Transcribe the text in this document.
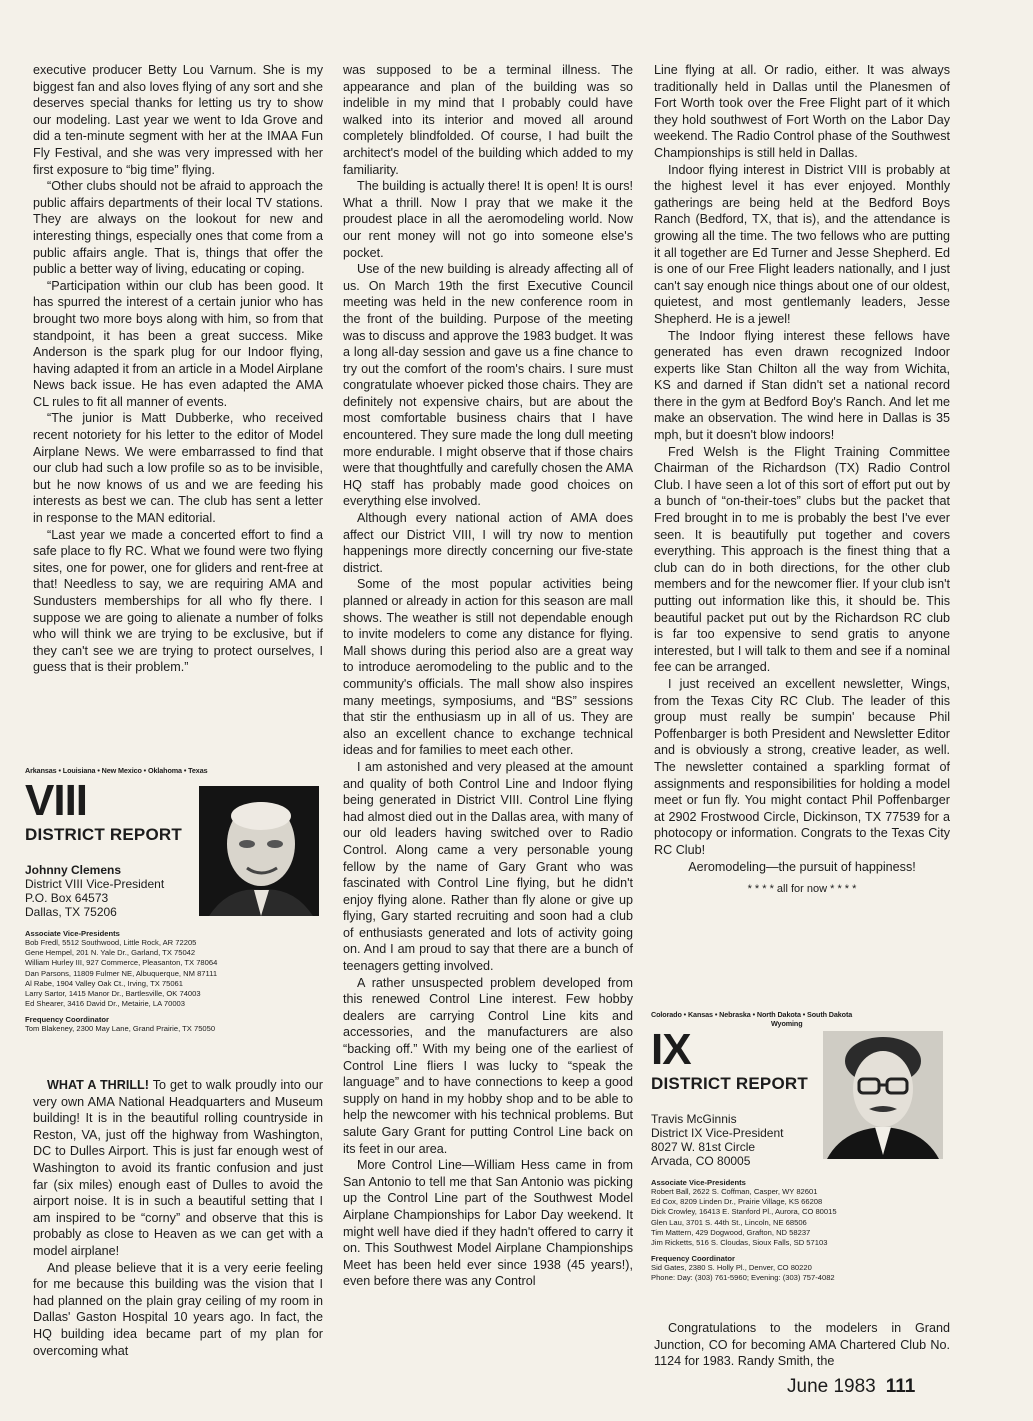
executive producer Betty Lou Varnum. She is my biggest fan and also loves flying of any sort and she deserves special thanks for letting us try to show our modeling. Last year we went to Ida Grove and did a ten-minute segment with her at the IMAA Fun Fly Festival, and she was very impressed with her first exposure to “big time” flying.

“Other clubs should not be afraid to approach the public affairs departments of their local TV stations. They are always on the lookout for new and interesting things, especially ones that come from a public affairs angle. That is, things that offer the public a better way of living, educating or coping.

“Participation within our club has been good. It has spurred the interest of a certain junior who has brought two more boys along with him, so from that standpoint, it has been a great success. Mike Anderson is the spark plug for our Indoor flying, having adapted it from an article in a Model Airplane News back issue. He has even adapted the AMA CL rules to fit all manner of events.

“The junior is Matt Dubberke, who received recent notoriety for his letter to the editor of Model Airplane News. We were embarrassed to find that our club had such a low profile so as to be invisible, but he now knows of us and we are feeding his interests as best we can. The club has sent a letter in response to the MAN editorial.

“Last year we made a concerted effort to find a safe place to fly RC. What we found were two flying sites, one for power, one for gliders and rent-free at that! Needless to say, we are requiring AMA and Sundusters memberships for all who fly there. I suppose we are going to alienate a number of folks who will think we are trying to be exclusive, but if they can't see we are trying to protect ourselves, I guess that is their problem.”

Arkansas • Louisiana • New Mexico • Oklahoma • Texas
VIII
DISTRICT REPORT
Johnny Clemens
District VIII Vice-President
P.O. Box 64573
Dallas, TX 75206
Associate Vice-Presidents
Bob Fredl, 5512 Southwood, Little Rock, AR 72205
Gene Hempel, 201 N. Yale Dr., Garland, TX 75042
William Hurley III, 927 Commerce, Pleasanton, TX 78064
Dan Parsons, 11809 Fulmer NE, Albuquerque, NM 87111
Al Rabe, 1904 Valley Oak Ct., Irving, TX 75061
Larry Sartor, 1415 Manor Dr., Bartlesville, OK 74003
Ed Shearer, 3416 David Dr., Metairie, LA 70003
Frequency Coordinator
Tom Blakeney, 2300 May Lane, Grand Prairie, TX 75050

WHAT A THRILL! To get to walk proudly into our very own AMA National Headquarters and Museum building! It is in the beautiful rolling countryside in Reston, VA, just off the highway from Washington, DC to Dulles Airport. This is just far enough west of Washington to avoid its frantic confusion and just far (six miles) enough east of Dulles to avoid the airport noise. It is in such a beautiful setting that I am inspired to be “corny” and observe that this is probably as close to Heaven as we can get with a model airplane!

And please believe that it is a very eerie feeling for me because this building was the vision that I had planned on the plain gray ceiling of my room in Dallas' Gaston Hospital 10 years ago. In fact, the HQ building idea became part of my plan for overcoming what

was supposed to be a terminal illness. The appearance and plan of the building was so indelible in my mind that I probably could have walked into its interior and moved all around completely blindfolded. Of course, I had built the architect's model of the building which added to my familiarity.

The building is actually there! It is open! It is ours! What a thrill. Now I pray that we make it the proudest place in all the aeromodeling world. Now our rent money will not go into someone else's pocket.

Use of the new building is already affecting all of us. On March 19th the first Executive Council meeting was held in the new conference room in the front of the building. Purpose of the meeting was to discuss and approve the 1983 budget. It was a long all-day session and gave us a fine chance to try out the comfort of the room's chairs. I sure must congratulate whoever picked those chairs. They are definitely not expensive chairs, but are about the most comfortable business chairs that I have encountered. They sure made the long dull meeting more endurable. I might observe that if those chairs were that thoughtfully and carefully chosen the AMA HQ staff has probably made good choices on everything else involved.

Although every national action of AMA does affect our District VIII, I will try now to mention happenings more directly concerning our five-state district.

Some of the most popular activities being planned or already in action for this season are mall shows. The weather is still not dependable enough to invite modelers to come any distance for flying. Mall shows during this period also are a great way to introduce aeromodeling to the public and to the community's officials. The mall show also inspires many meetings, symposiums, and “BS” sessions that stir the enthusiasm up in all of us. They are also an excellent chance to exchange technical ideas and for families to meet each other.

I am astonished and very pleased at the amount and quality of both Control Line and Indoor flying being generated in District VIII. Control Line flying had almost died out in the Dallas area, with many of our old leaders having switched over to Radio Control. Along came a very personable young fellow by the name of Gary Grant who was fascinated with Control Line flying, but he didn't enjoy flying alone. Rather than fly alone or give up flying, Gary started recruiting and soon had a club of enthusiasts generated and lots of activity going on. And I am proud to say that there are a bunch of teenagers getting involved.

A rather unsuspected problem developed from this renewed Control Line interest. Few hobby dealers are carrying Control Line kits and accessories, and the manufacturers are also “backing off.” With my being one of the earliest of Control Line fliers I was lucky to “speak the language” and to have connections to keep a good supply on hand in my hobby shop and to be able to help the newcomer with his technical problems. But salute Gary Grant for putting Control Line back on its feet in our area.

More Control Line—William Hess came in from San Antonio to tell me that San Antonio was picking up the Control Line part of the Southwest Model Airplane Championships for Labor Day weekend. It might well have died if they hadn't offered to carry it on. This Southwest Model Airplane Championships Meet has been held ever since 1938 (45 years!), even before there was any Control

Line flying at all. Or radio, either. It was always traditionally held in Dallas until the Planesmen of Fort Worth took over the Free Flight part of it which they hold southwest of Fort Worth on the Labor Day weekend. The Radio Control phase of the Southwest Championships is still held in Dallas.

Indoor flying interest in District VIII is probably at the highest level it has ever enjoyed. Monthly gatherings are being held at the Bedford Boys Ranch (Bedford, TX, that is), and the attendance is growing all the time. The two fellows who are putting it all together are Ed Turner and Jesse Shepherd. Ed is one of our Free Flight leaders nationally, and I just can't say enough nice things about one of our oldest, quietest, and most gentlemanly leaders, Jesse Shepherd. He is a jewel!

The Indoor flying interest these fellows have generated has even drawn recognized Indoor experts like Stan Chilton all the way from Wichita, KS and darned if Stan didn't set a national record there in the gym at Bedford Boy's Ranch. And let me make an observation. The wind here in Dallas is 35 mph, but it doesn't blow indoors!

Fred Welsh is the Flight Training Committee Chairman of the Richardson (TX) Radio Control Club. I have seen a lot of this sort of effort put out by a bunch of “on-their-toes” clubs but the packet that Fred brought in to me is probably the best I've ever seen. It is beautifully put together and covers everything. This approach is the finest thing that a club can do in both directions, for the other club members and for the newcomer flier. If your club isn't putting out information like this, it should be. This beautiful packet put out by the Richardson RC club is far too expensive to send gratis to anyone interested, but I will talk to them and see if a nominal fee can be arranged.

I just received an excellent newsletter, Wings, from the Texas City RC Club. The leader of this group must really be sumpin' because Phil Poffenbarger is both President and Newsletter Editor and is obviously a strong, creative leader, as well. The newsletter contained a sparkling format of assignments and responsibilities for holding a model meet or fun fly. You might contact Phil Poffenbarger at 2902 Frostwood Circle, Dickinson, TX 77539 for a photocopy or information. Congrats to the Texas City RC Club!

Aeromodeling—the pursuit of happiness!

* * * * all for now * * * *

Colorado • Kansas • Nebraska • North Dakota • South Dakota
Wyoming
IX
DISTRICT REPORT
Travis McGinnis
District IX Vice-President
8027 W. 81st Circle
Arvada, CO 80005
Associate Vice-Presidents
Robert Ball, 2622 S. Coffman, Casper, WY 82601
Ed Cox, 8209 Linden Dr., Prairie Village, KS 66208
Dick Crowley, 16413 E. Stanford Pl., Aurora, CO 80015
Glen Lau, 3701 S. 44th St., Lincoln, NE 68506
Tim Mattern, 429 Dogwood, Grafton, ND 58237
Jim Ricketts, 516 S. Cloudas, Sioux Falls, SD 57103
Frequency Coordinator
Sid Gates, 2380 S. Holly Pl., Denver, CO 80220
Phone: Day: (303) 761-5960; Evening: (303) 757-4082

Congratulations to the modelers in Grand Junction, CO for becoming AMA Chartered Club No. 1124 for 1983. Randy Smith, the

June 1983 111
